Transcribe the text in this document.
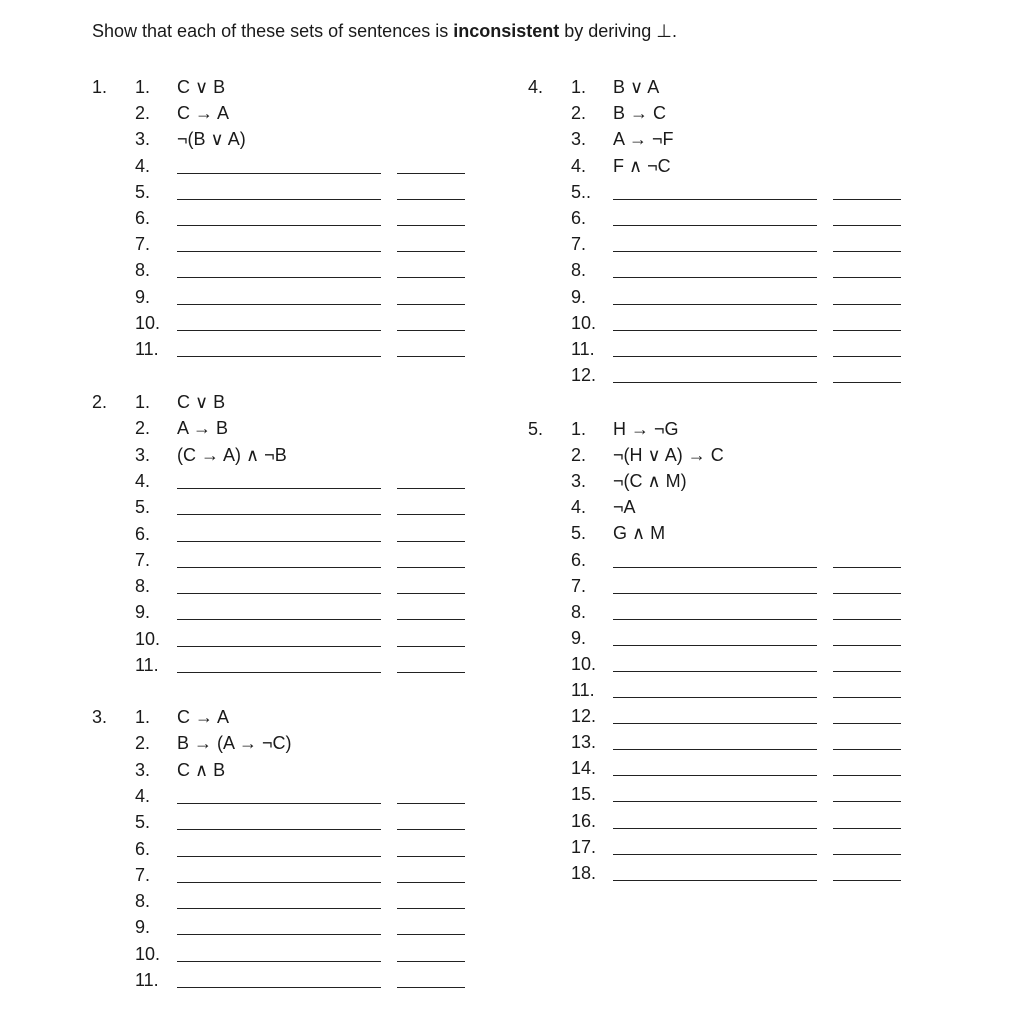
Show that each of these sets of sentences is inconsistent by deriving ⊥.
1. 1. C ∨ B
2. C → A
3. ¬(B ∨ A)
4.
5.
6.
7.
8.
9.
10.
11.
2. 1. C ∨ B
2. A → B
3. (C → A) ∧ ¬B
4.
5.
6.
7.
8.
9.
10.
11.
3. 1. C → A
2. B → (A → ¬C)
3. C ∧ B
4.
5.
6.
7.
8.
9.
10.
11.
4. 1. B ∨ A
2. B → C
3. A → ¬F
4. F ∧ ¬C
5..
6.
7.
8.
9.
10.
11.
12.
5. 1. H → ¬G
2. ¬(H ∨ A) → C
3. ¬(C ∧ M)
4. ¬A
5. G ∧ M
6.
7.
8.
9.
10.
11.
12.
13.
14.
15.
16.
17.
18.
